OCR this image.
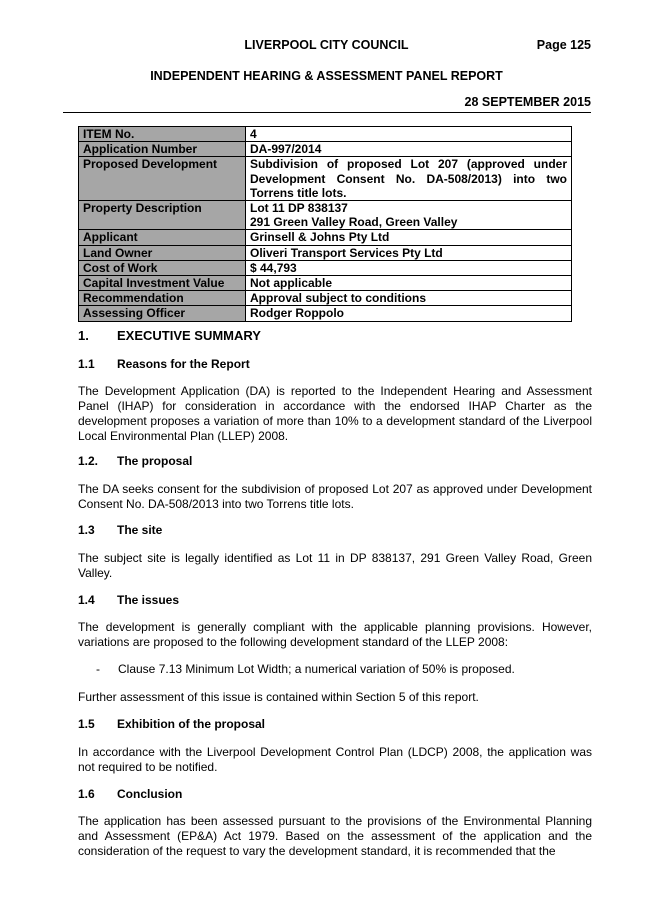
LIVERPOOL CITY COUNCIL	Page 125
INDEPENDENT HEARING & ASSESSMENT PANEL REPORT
28 SEPTEMBER 2015
ITEM No.	4
Application Number	DA-997/2014
Proposed Development	Subdivision of proposed Lot 207 (approved under Development Consent No. DA-508/2013) into two Torrens title lots.
Property Description	Lot 11 DP 838137
291 Green Valley Road, Green Valley

Applicant	Grinsell & Johns Pty Ltd
Land Owner	Oliveri Transport Services Pty Ltd
Cost of Work	$ 44,793
Capital Investment Value	Not applicable
Recommendation	Approval subject to conditions
Assessing Officer	Rodger Roppolo
1. EXECUTIVE SUMMARY
1.1 Reasons for the Report
The Development Application (DA) is reported to the Independent Hearing and Assessment Panel (IHAP) for consideration in accordance with the endorsed IHAP Charter as the development proposes a variation of more than 10% to a development standard of the Liverpool Local Environmental Plan (LLEP) 2008.
1.2. The proposal
The DA seeks consent for the subdivision of proposed Lot 207 as approved under Development Consent No. DA-508/2013 into two Torrens title lots.
1.3 The site
The subject site is legally identified as Lot 11 in DP 838137, 291 Green Valley Road, Green Valley.
1.4 The issues
The development is generally compliant with the applicable planning provisions. However, variations are proposed to the following development standard of the LLEP 2008:
- Clause 7.13 Minimum Lot Width; a numerical variation of 50% is proposed.
Further assessment of this issue is contained within Section 5 of this report.
1.5 Exhibition of the proposal
In accordance with the Liverpool Development Control Plan (LDCP) 2008, the application was not required to be notified.
1.6 Conclusion
The application has been assessed pursuant to the provisions of the Environmental Planning and Assessment (EP&A) Act 1979. Based on the assessment of the application and the consideration of the request to vary the development standard, it is recommended that the
